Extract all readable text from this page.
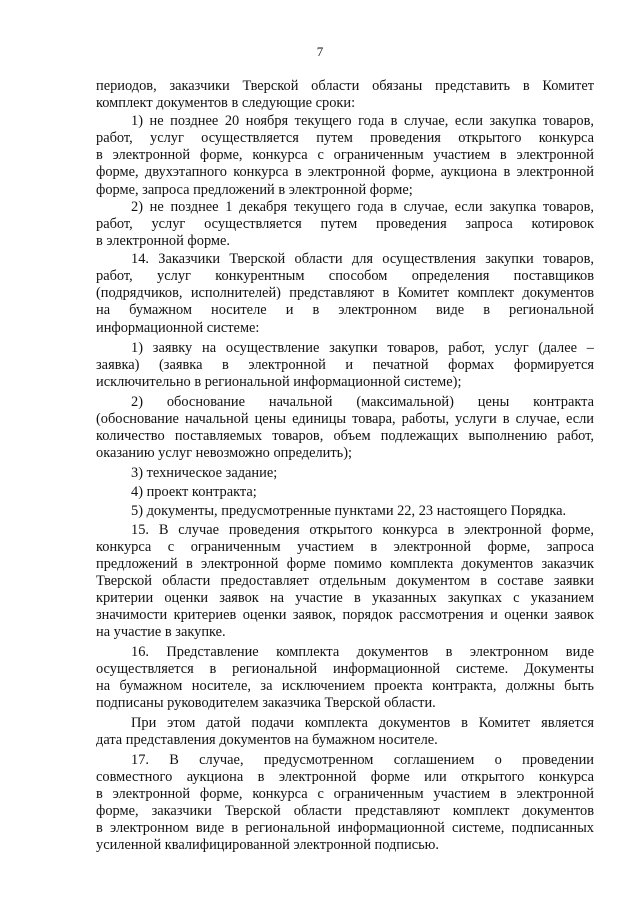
7
периодов, заказчики Тверской области обязаны представить в Комитет
комплект документов в следующие сроки:
1) не позднее 20 ноября текущего года в случае, если закупка товаров,
работ, услуг осуществляется путем проведения открытого конкурса
в электронной форме, конкурса с ограниченным участием в электронной
форме, двухэтапного конкурса в электронной форме, аукциона в электронной
форме, запроса предложений в электронной форме;
2) не позднее 1 декабря текущего года в случае, если закупка товаров,
работ, услуг осуществляется путем проведения запроса котировок
в электронной форме.
14. Заказчики Тверской области для осуществления закупки товаров,
работ, услуг конкурентным способом определения поставщиков
(подрядчиков, исполнителей) представляют в Комитет комплект документов
на бумажном носителе и в электронном виде в региональной
информационной системе:
1) заявку на осуществление закупки товаров, работ, услуг (далее –
заявка) (заявка в электронной и печатной формах формируется
исключительно в региональной информационной системе);
2) обоснование начальной (максимальной) цены контракта
(обоснование начальной цены единицы товара, работы, услуги в случае, если
количество поставляемых товаров, объем подлежащих выполнению работ,
оказанию услуг невозможно определить);
3) техническое задание;
4) проект контракта;
5) документы, предусмотренные пунктами 22, 23 настоящего Порядка.
15. В случае проведения открытого конкурса в электронной форме,
конкурса с ограниченным участием в электронной форме, запроса
предложений в электронной форме помимо комплекта документов заказчик
Тверской области предоставляет отдельным документом в составе заявки
критерии оценки заявок на участие в указанных закупках с указанием
значимости критериев оценки заявок, порядок рассмотрения и оценки заявок
на участие в закупке.
16. Представление комплекта документов в электронном виде
осуществляется в региональной информационной системе. Документы
на бумажном носителе, за исключением проекта контракта, должны быть
подписаны руководителем заказчика Тверской области.
При этом датой подачи комплекта документов в Комитет является
дата представления документов на бумажном носителе.
17. В случае, предусмотренном соглашением о проведении
совместного аукциона в электронной форме или открытого конкурса
в электронной форме, конкурса с ограниченным участием в электронной
форме, заказчики Тверской области представляют комплект документов
в электронном виде в региональной информационной системе, подписанных
усиленной квалифицированной электронной подписью.
